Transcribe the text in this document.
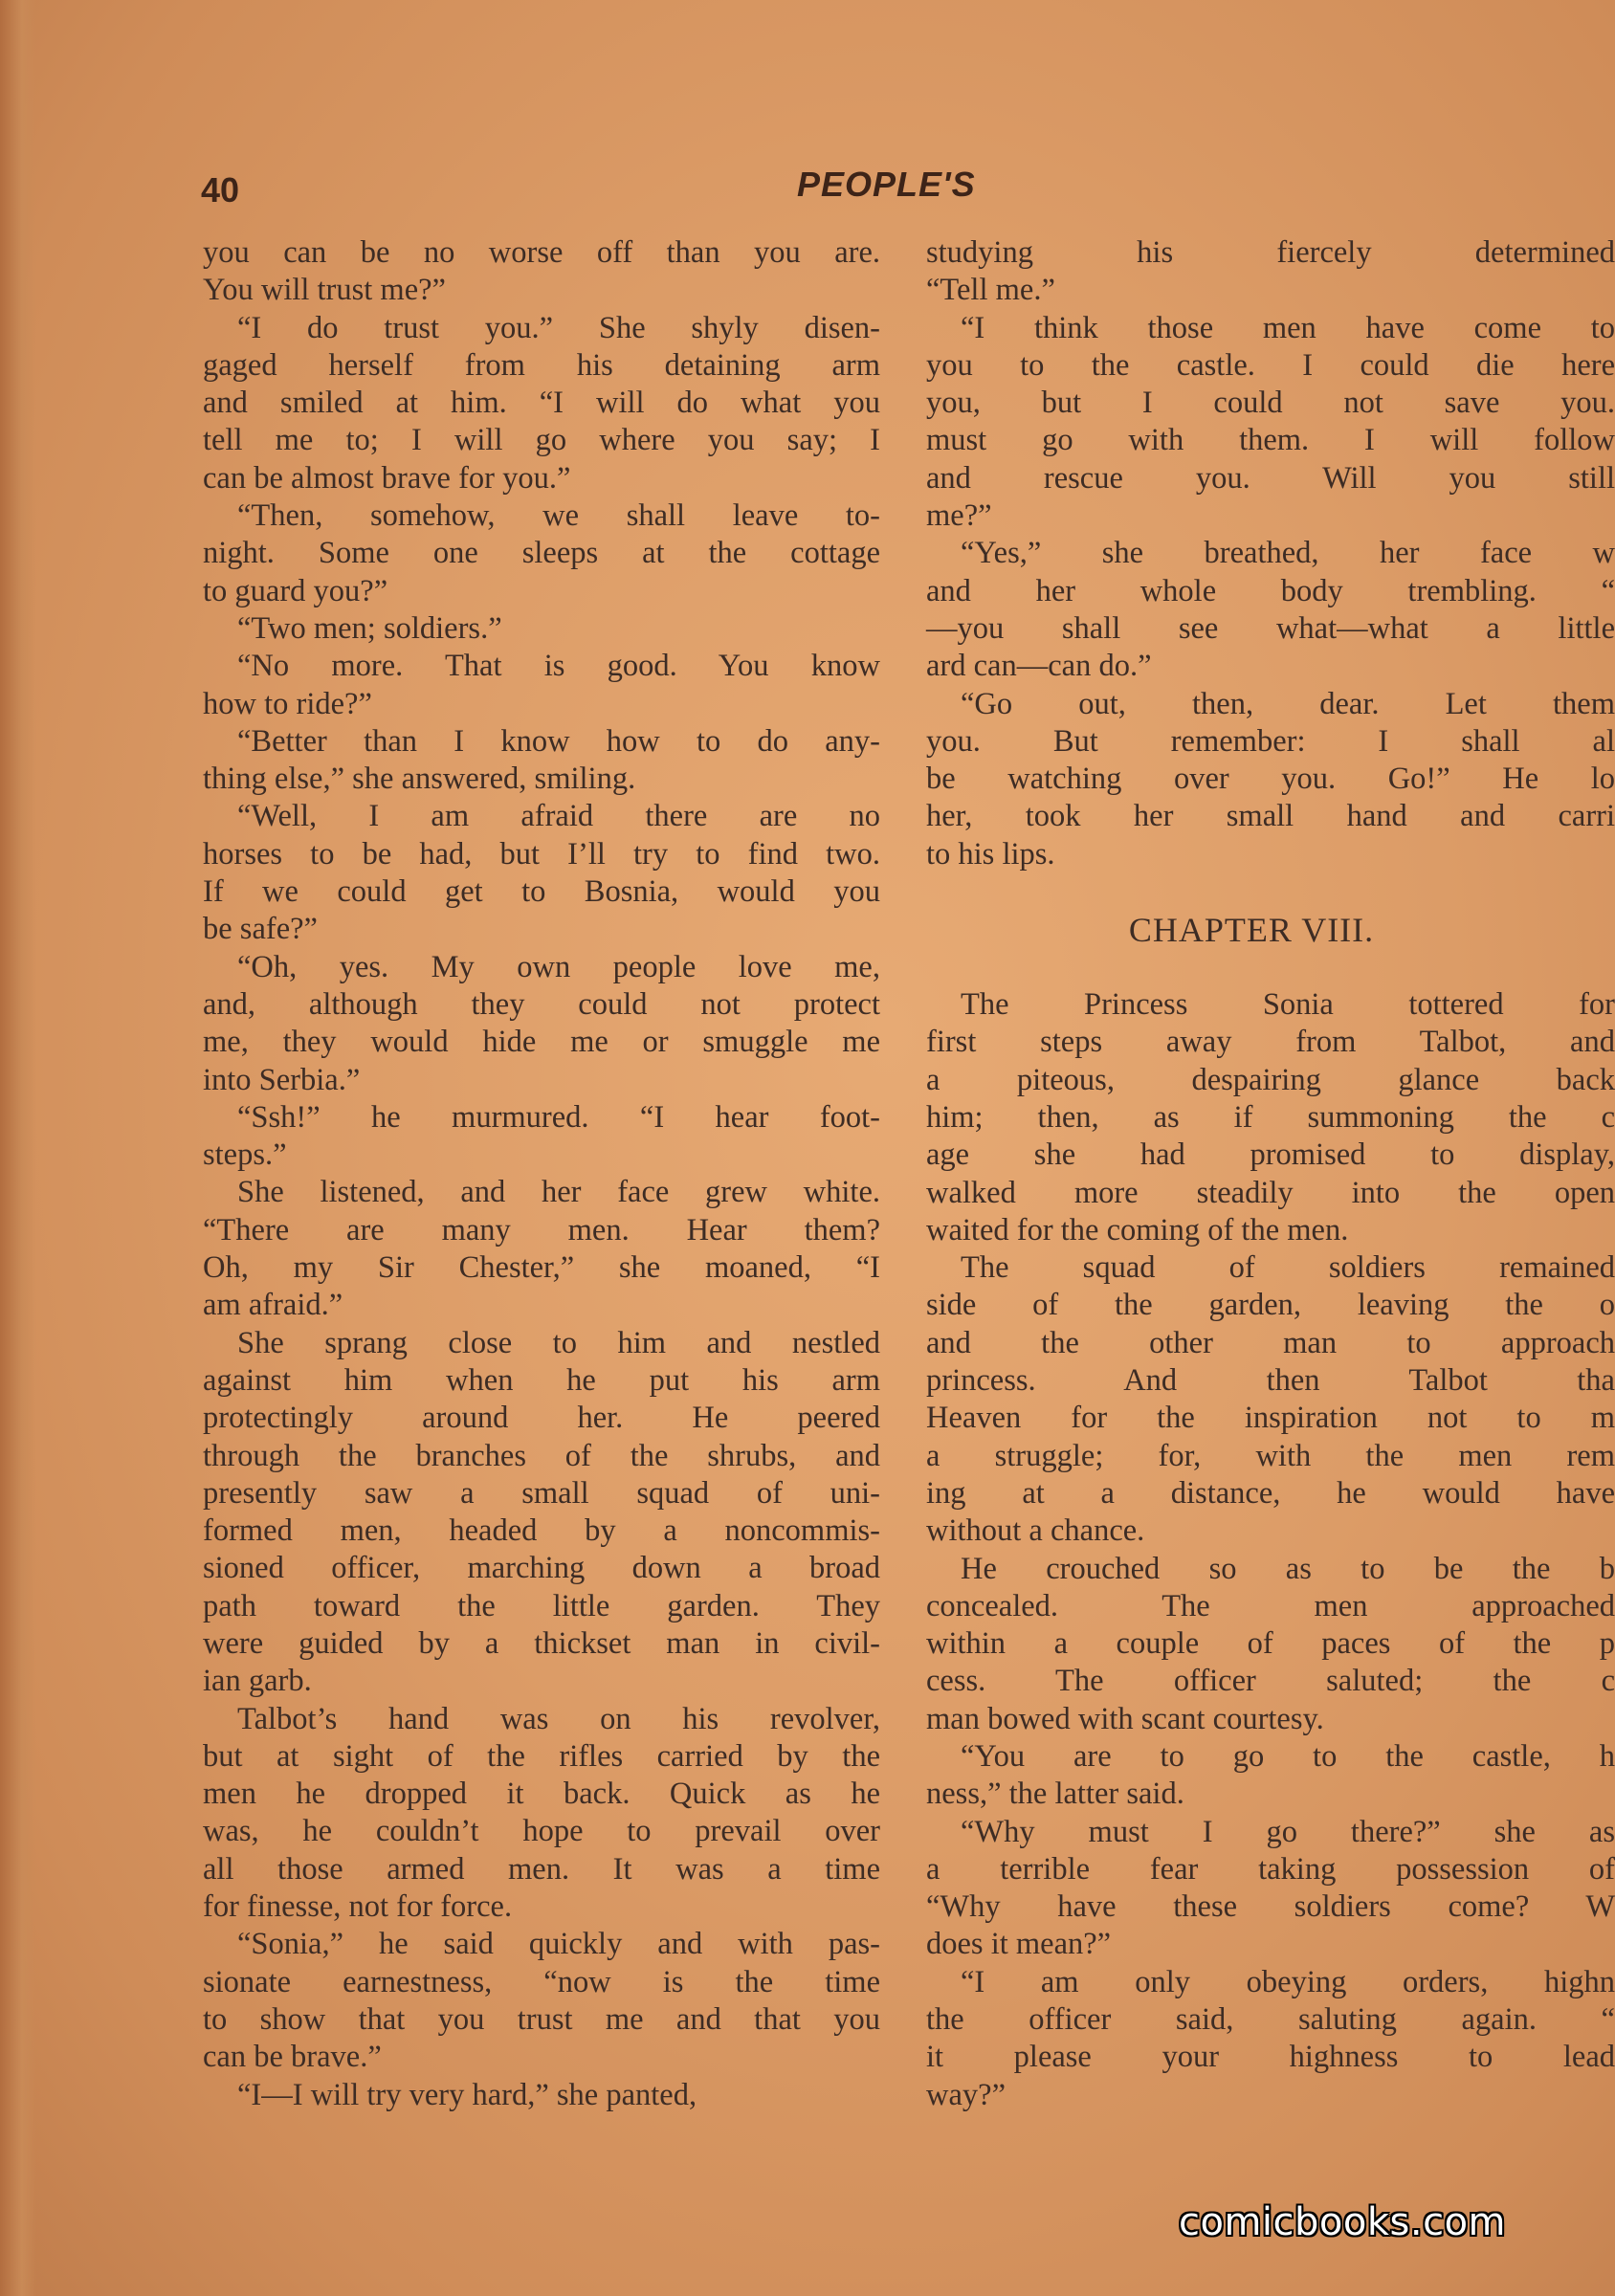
40	PEOPLE'S
you can be no worse off than you are.
You will trust me?”
“I do trust you.” She shyly disen-
gaged herself from his detaining arm
and smiled at him. “I will do what you
tell me to; I will go where you say; I
can be almost brave for you.”
“Then, somehow, we shall leave to-
night. Some one sleeps at the cottage
to guard you?”
“Two men; soldiers.”
“No more. That is good. You know
how to ride?”
“Better than I know how to do any-
thing else,” she answered, smiling.
“Well, I am afraid there are no
horses to be had, but I’ll try to find two.
If we could get to Bosnia, would you
be safe?”
“Oh, yes. My own people love me,
and, although they could not protect
me, they would hide me or smuggle me
into Serbia.”
“Ssh!” he murmured. “I hear foot-
steps.”
She listened, and her face grew white.
“There are many men. Hear them?
Oh, my Sir Chester,” she moaned, “I
am afraid.”
She sprang close to him and nestled
against him when he put his arm
protectingly around her. He peered
through the branches of the shrubs, and
presently saw a small squad of uni-
formed men, headed by a noncommis-
sioned officer, marching down a broad
path toward the little garden. They
were guided by a thickset man in civil-
ian garb.
Talbot’s hand was on his revolver,
but at sight of the rifles carried by the
men he dropped it back. Quick as he
was, he couldn’t hope to prevail over
all those armed men. It was a time
for finesse, not for force.
“Sonia,” he said quickly and with pas-
sionate earnestness, “now is the time
to show that you trust me and that you
can be brave.”
“I—I will try very hard,” she panted,
studying his fiercely determined
“Tell me.”
“I think those men have come to
you to the castle. I could die here
you, but I could not save you.
must go with them. I will follow
and rescue you. Will you still
me?”
“Yes,” she breathed, her face w
and her whole body trembling. “
—you shall see what—what a little
ard can—can do.”
“Go out, then, dear. Let them
you. But remember: I shall al
be watching over you. Go!” He lo
her, took her small hand and carri
to his lips.
CHAPTER VIII.
The Princess Sonia tottered for
first steps away from Talbot, and
a piteous, despairing glance back
him; then, as if summoning the c
age she had promised to display,
walked more steadily into the open
waited for the coming of the men.
The squad of soldiers remained
side of the garden, leaving the o
and the other man to approach
princess. And then Talbot tha
Heaven for the inspiration not to m
a struggle; for, with the men rem
ing at a distance, he would have
without a chance.
He crouched so as to be the b
concealed. The men approached
within a couple of paces of the p
cess. The officer saluted; the c
man bowed with scant courtesy.
“You are to go to the castle, h
ness,” the latter said.
“Why must I go there?” she as
a terrible fear taking possession of
“Why have these soldiers come? W
does it mean?”
“I am only obeying orders, highn
the officer said, saluting again. “
it please your highness to lead
way?”
comicbooks.com
